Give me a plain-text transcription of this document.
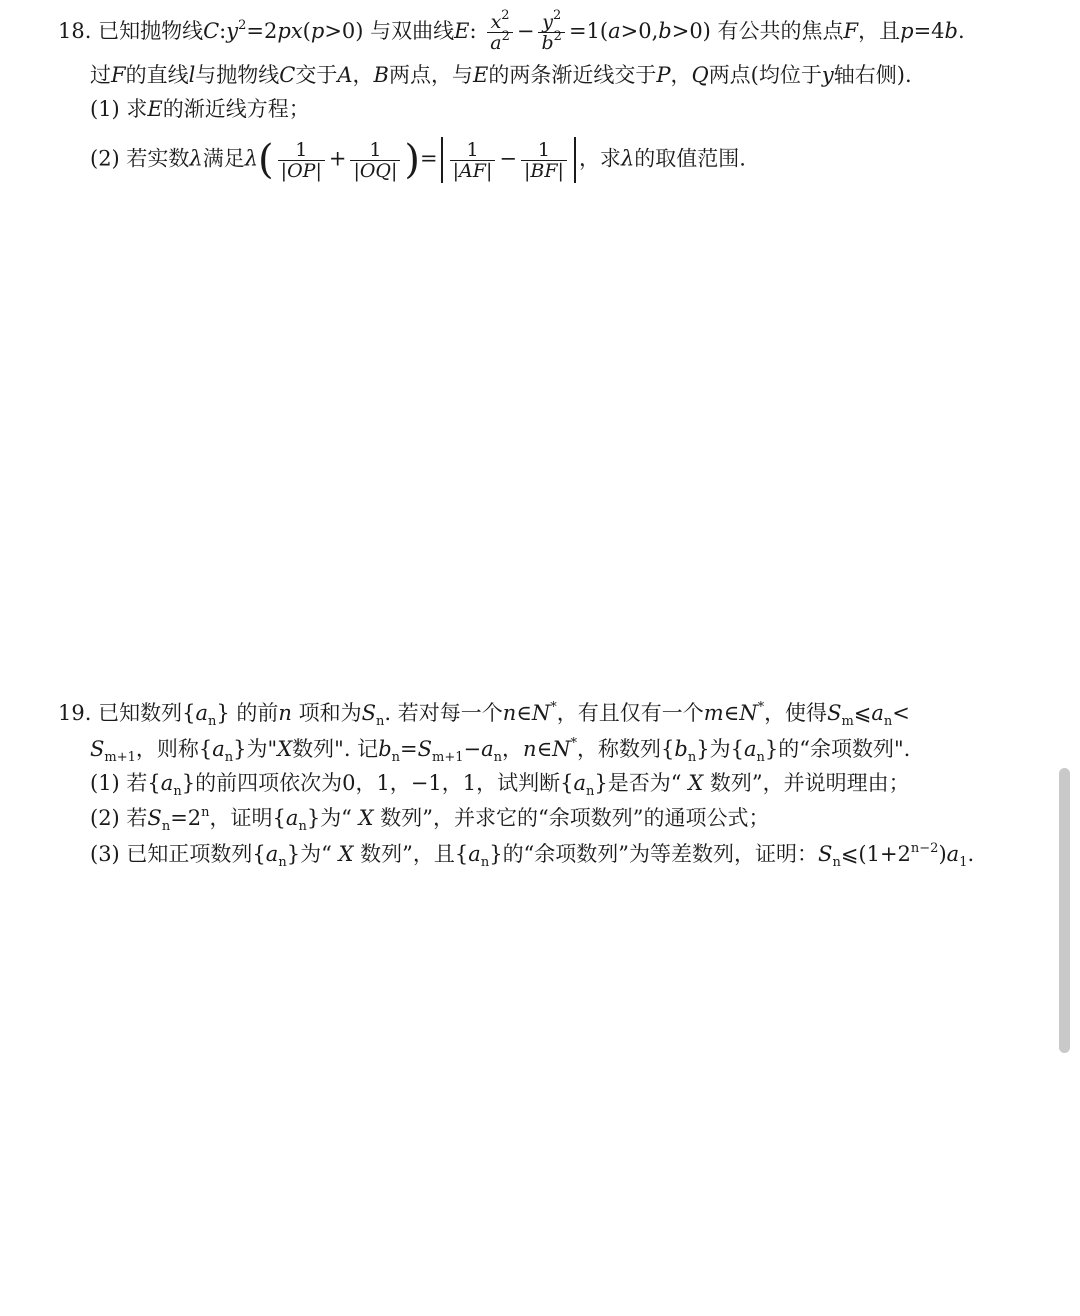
18. 已知抛物线$C:y^2=2px(p>0)$ 与双曲线E: $\frac{x^2}{a^2} - \frac{y^2}{b^2} =1(a>0,b>0)$ 有公共的焦点F，且p=4b.
过F的直线l与抛物线C交于A，B两点，与E的两条渐近线交于P，Q两点(均位于y轴右侧).
(1) 求E的渐近线方程；
(2) 若实数λ满足$\lambda( \frac{1}{|OP|} + \frac{1}{|OQ|}$ )= $\frac{1}{|AF|} - \frac{1}{|BF|}$ ，求λ的取值范围.
19. 已知数列$\{a_n\}$ 的前n 项和为$S_n$. 若对每一个n∈N*，有且仅有一个m∈N*，使得$S_m⩽a_n<$
$S_{m+1}$，则称$\{a_n\}$为"X数列". 记$b_n=S_{m+1}-a_n$，n∈N*，称数列$\{b_n\}$为$\{a_n\}$的“余项数列".
(1) 若$\{a_n\}$的前四项依次为0，1，−1，1，试判断$\{a_n\}$是否为“ X 数列”，并说明理由；
(2) 若$S_n=2^n$，证明$\{a_n\}$为“ X 数列”，并求它的“余项数列”的通项公式；
(3) 已知正项数列$\{a_n\}$为“ X 数列”，且$\{a_n\}$的“余项数列”为等差数列，证明：$S_n⩽(1+2^{n-2})a_1$.
